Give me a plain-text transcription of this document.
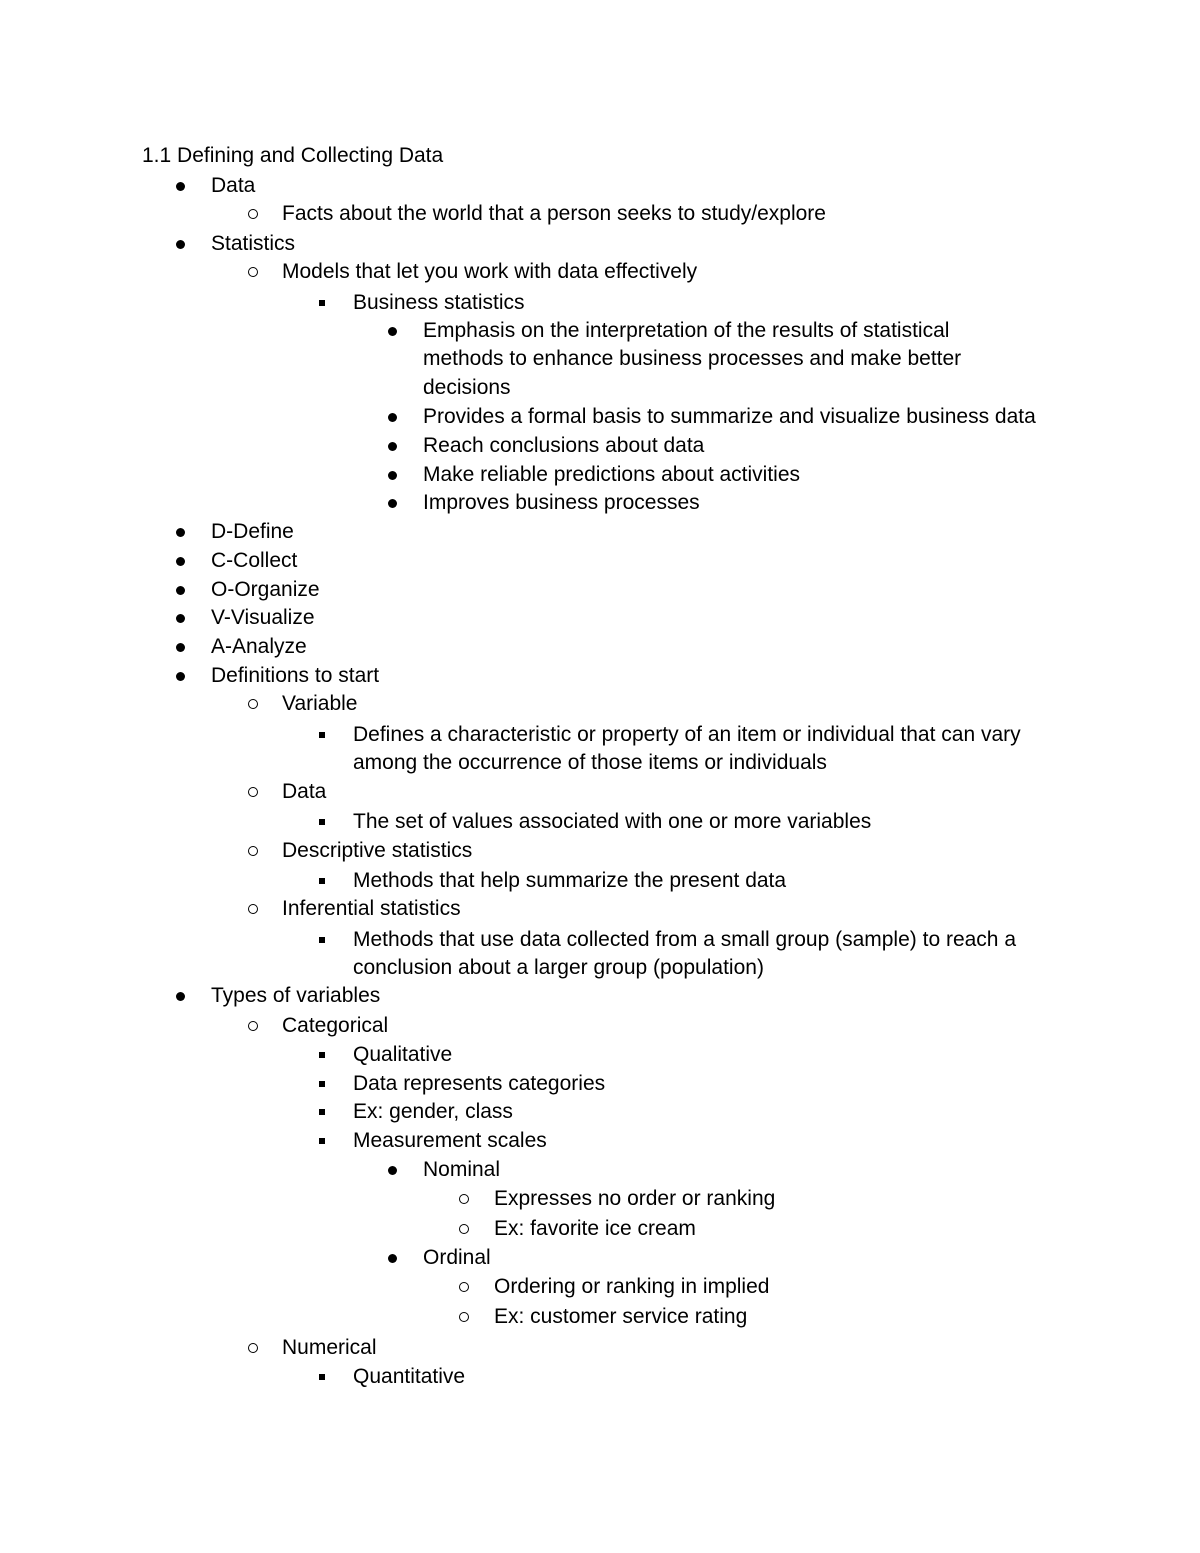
1.1 Defining and Collecting Data
Data
Facts about the world that a person seeks to study/explore
Statistics
Models that let you work with data effectively
Business statistics
Emphasis on the interpretation of the results of statistical
methods to enhance business processes and make better
decisions
Provides a formal basis to summarize and visualize business data
Reach conclusions about data
Make reliable predictions about activities
Improves business processes
D-Define
C-Collect
O-Organize
V-Visualize
A-Analyze
Definitions to start
Variable
Defines a characteristic or property of an item or individual that can vary
among the occurrence of those items or individuals
Data
The set of values associated with one or more variables
Descriptive statistics
Methods that help summarize the present data
Inferential statistics
Methods that use data collected from a small group (sample) to reach a
conclusion about a larger group (population)
Types of variables
Categorical
Qualitative
Data represents categories
Ex: gender, class
Measurement scales
Nominal
Expresses no order or ranking
Ex: favorite ice cream
Ordinal
Ordering or ranking in implied
Ex: customer service rating
Numerical
Quantitative
